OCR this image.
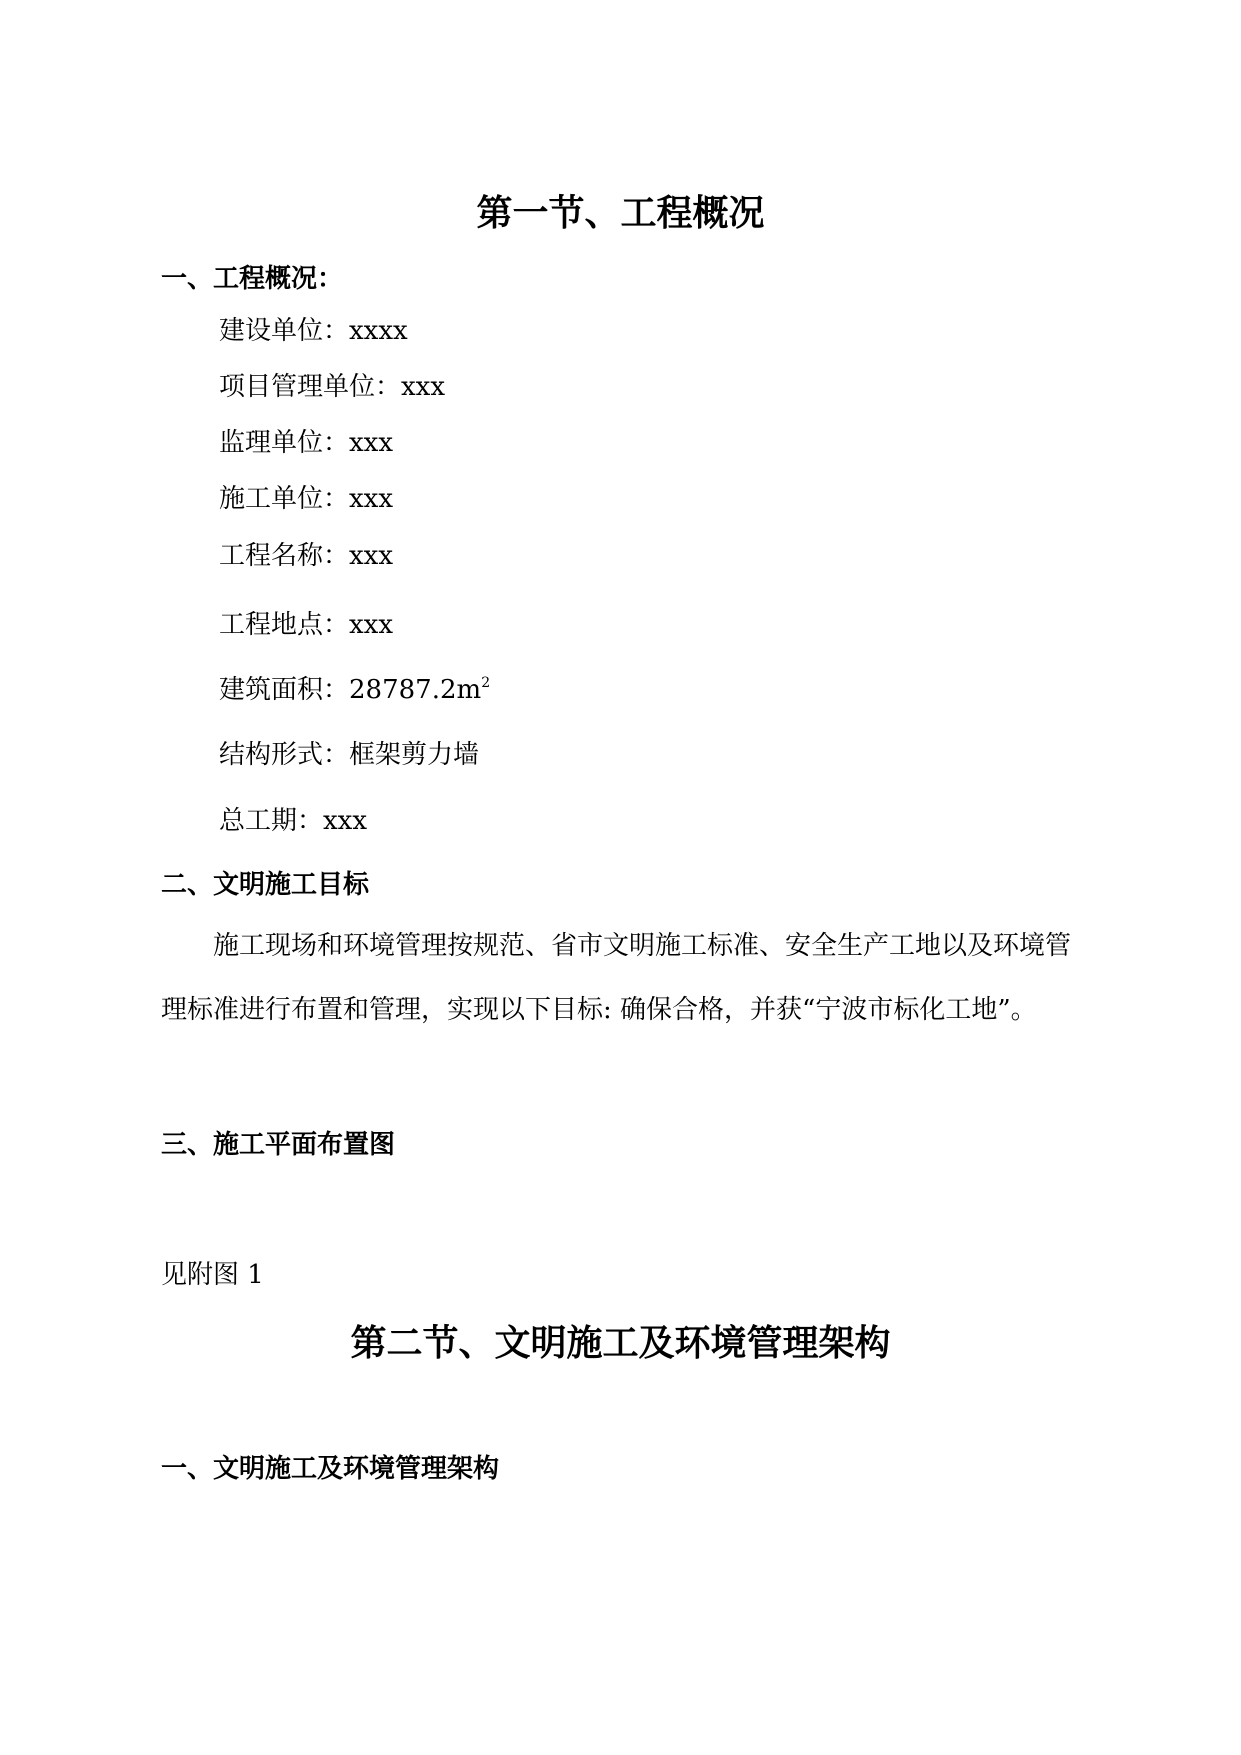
第一节、工程概况
一、工程概况：
建设单位：xxxx
项目管理单位：xxx
监理单位：xxx
施工单位：xxx
工程名称：xxx
工程地点：xxx
建筑面积：$28787.2m^2$
结构形式：框架剪力墙
总工期：xxx
二、文明施工目标
施工现场和环境管理按规范、省市文明施工标准、安全生产工地以及环境管理标准进行布置和管理，实现以下目标: 确保合格，并获“宁波市标化工地”。
三、施工平面布置图
见附图 1
第二节、文明施工及环境管理架构
一、文明施工及环境管理架构
